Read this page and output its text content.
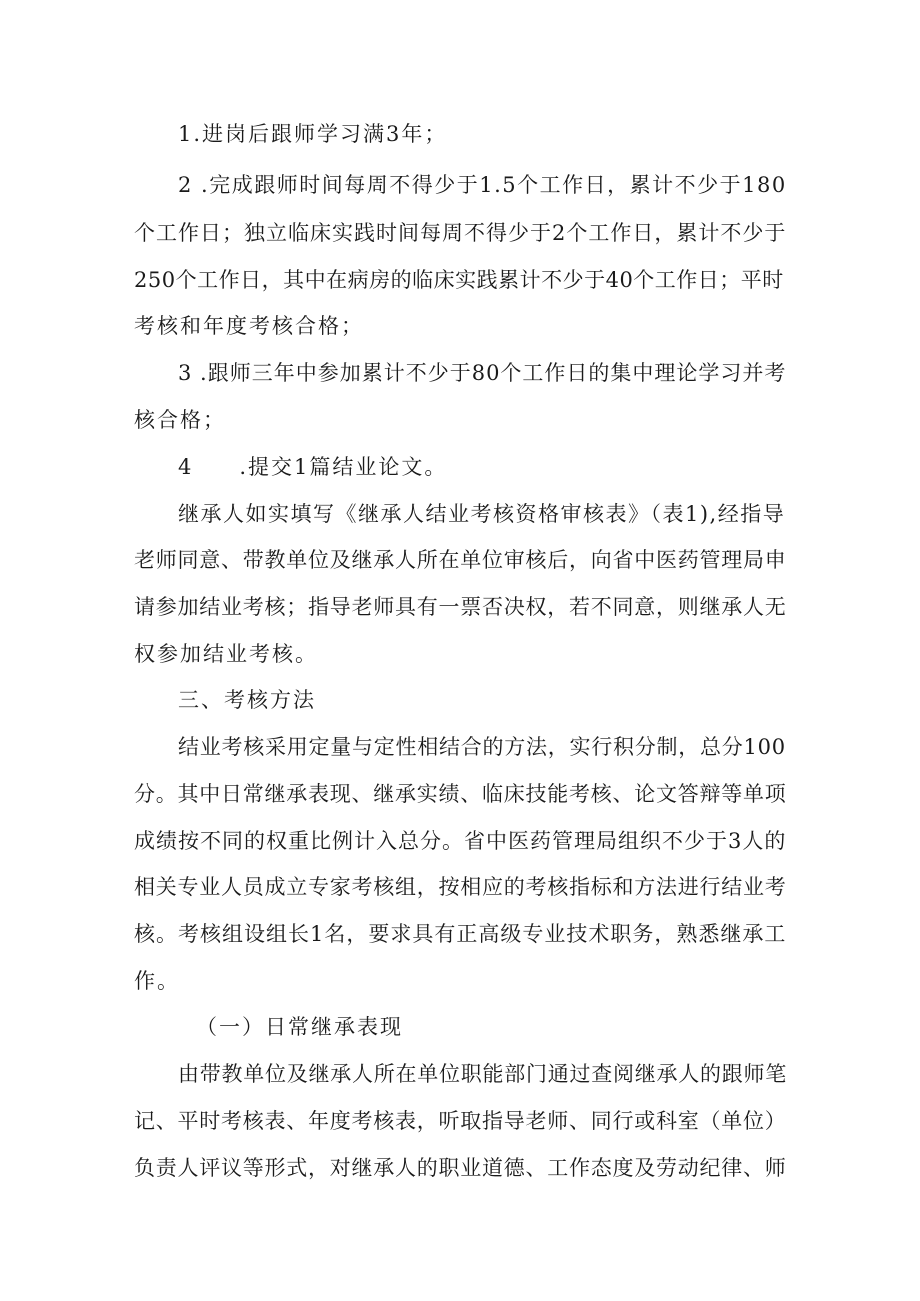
1.进岗后跟师学习满3年；
2 .完成跟师时间每周不得少于1.5个工作日，累计不少于180
个工作日；独立临床实践时间每周不得少于2个工作日，累计不少于
250个工作日，其中在病房的临床实践累计不少于40个工作日；平时
考核和年度考核合格；
3 .跟师三年中参加累计不少于80个工作日的集中理论学习并考
核合格；
4　　.提交1篇结业论文。
继承人如实填写《继承人结业考核资格审核表》（表1),经指导
老师同意、带教单位及继承人所在单位审核后，向省中医药管理局申
请参加结业考核；指导老师具有一票否决权，若不同意，则继承人无
权参加结业考核。
三、考核方法
结业考核采用定量与定性相结合的方法，实行积分制，总分100
分。其中日常继承表现、继承实绩、临床技能考核、论文答辩等单项
成绩按不同的权重比例计入总分。省中医药管理局组织不少于3人的
相关专业人员成立专家考核组，按相应的考核指标和方法进行结业考
核。考核组设组长1名，要求具有正高级专业技术职务，熟悉继承工
作。
（一）日常继承表现
由带教单位及继承人所在单位职能部门通过查阅继承人的跟师笔
记、平时考核表、年度考核表，听取指导老师、同行或科室（单位）
负责人评议等形式，对继承人的职业道德、工作态度及劳动纪律、师
